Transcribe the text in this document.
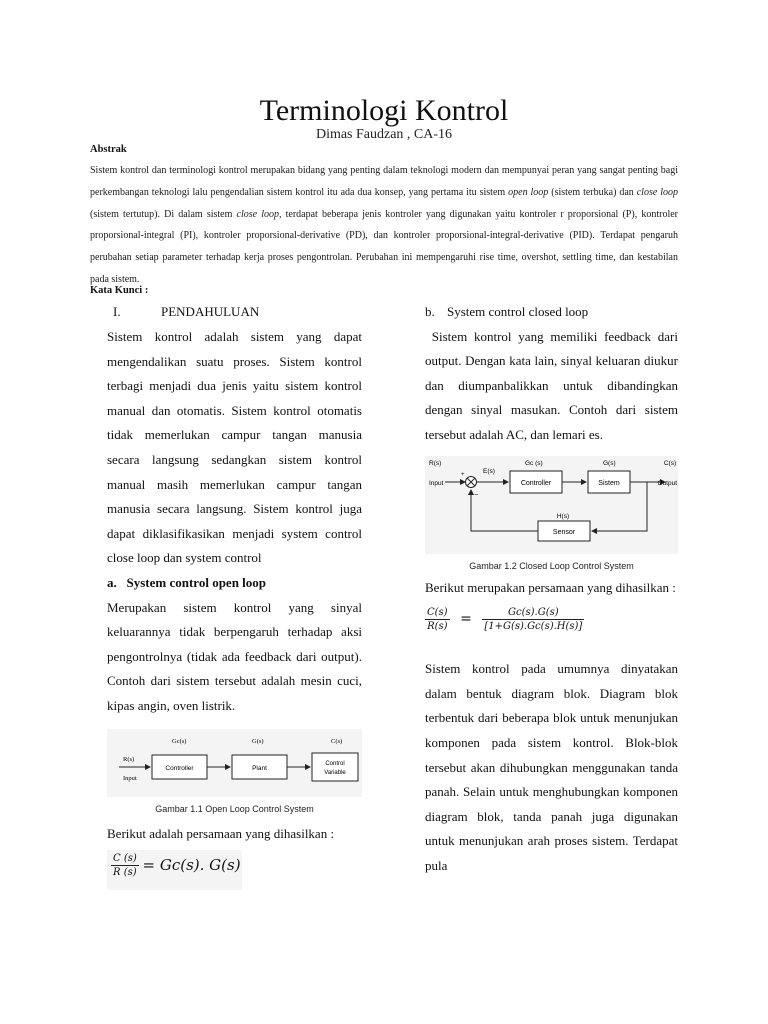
Terminologi Kontrol
Dimas Faudzan , CA-16
Abstrak
Sistem kontrol dan terminologi kontrol merupakan bidang yang penting dalam teknologi modern dan mempunyai peran yang sangat penting bagi perkembangan teknologi lalu pengendalian sistem kontrol itu ada dua konsep, yang pertama itu sistem open loop (sistem terbuka) dan close loop (sistem tertutup). Di dalam sistem close loop, terdapat beberapa jenis kontroler yang digunakan yaitu kontroler r proporsional (P), kontroler proporsional-integral (PI), kontroler proporsional-derivative (PD), dan kontroler proporsional-integral-derivative (PID). Terdapat pengaruh perubahan setiap parameter terhadap kerja proses pengontrolan. Perubahan ini mempengaruhi rise time, overshot, settling time, dan kestabilan pada sistem.
Kata Kunci :
I.	PENDAHULUAN

Sistem kontrol adalah sistem yang dapat mengendalikan suatu proses. Sistem kontrol terbagi menjadi dua jenis yaitu sistem kontrol manual dan otomatis. Sistem kontrol otomatis tidak memerlukan campur tangan manusia secara langsung sedangkan sistem kontrol manual masih memerlukan campur tangan manusia secara langsung. Sistem kontrol juga dapat diklasifikasikan menjadi system control close loop dan system control

a.   System control open loop

Merupakan sistem kontrol yang sinyal keluarannya tidak berpengaruh terhadap aksi pengontrolnya (tidak ada feedback dari output). Contoh dari sistem tersebut adalah mesin cuci, kipas angin, oven listrik.

R(s)
Input
Gc(s)
Controller
G(s)
Plant
C(s)
Control
Variable
Gambar 1.1 Open Loop Control System

Berikut adalah persamaan yang dihasilkan :

$\frac{C (s)}{R (s)} = Gc(s)$. G(s)

b. System control closed loop

Sistem kontrol yang memiliki feedback dari output. Dengan kata lain, sinyal keluaran diukur dan diumpanbalikkan untuk dibandingkan dengan sinyal masukan. Contoh dari sistem tersebut adalah AC, dan lemari es.

R(s)
Input
+
−
E(s)
Gc (s)
Controller
G(s)
Sistem
C(s)
Output
H(s)
Sensor
Gambar 1.2 Closed Loop Control System

Berikut merupakan persamaan yang dihasilkan :

$\frac{C(s)}{R(s)} = \frac{Gc(s).G(s)}{[1+G(s).Gc(s).H(s)]}$

Sistem kontrol pada umumnya dinyatakan dalam bentuk diagram blok. Diagram blok terbentuk dari beberapa blok untuk menunjukan komponen pada sistem kontrol. Blok-blok tersebut akan dihubungkan menggunakan tanda panah. Selain untuk menghubungkan komponen diagram blok, tanda panah juga digunakan untuk menunjukan arah proses sistem. Terdapat pula
